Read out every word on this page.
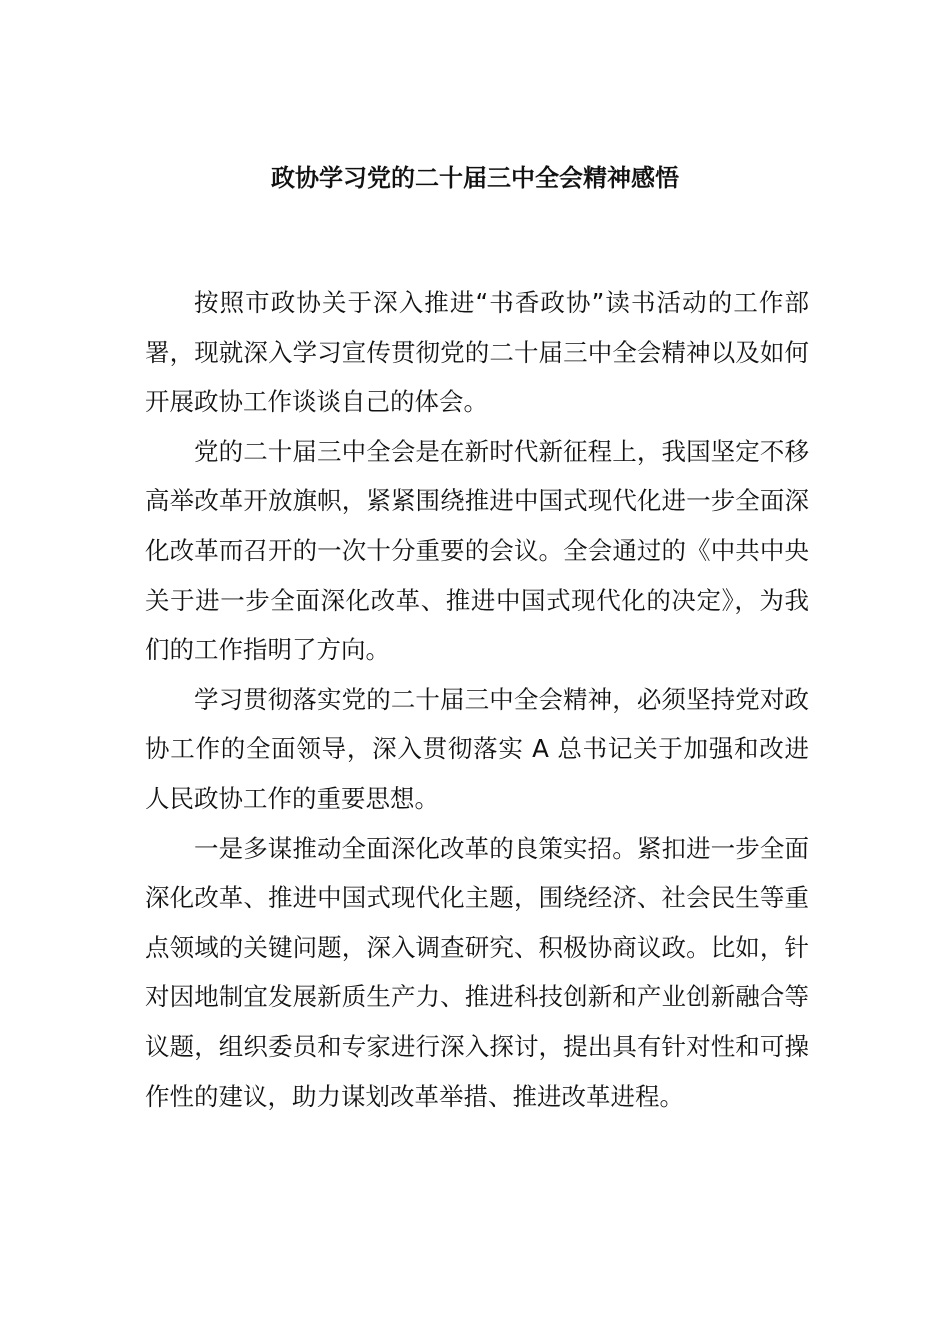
政协学习党的二十届三中全会精神感悟

按照市政协关于深入推进“书香政协”读书活动的工作部署，现就深入学习宣传贯彻党的二十届三中全会精神以及如何开展政协工作谈谈自己的体会。

党的二十届三中全会是在新时代新征程上，我国坚定不移高举改革开放旗帜，紧紧围绕推进中国式现代化进一步全面深化改革而召开的一次十分重要的会议。全会通过的《中共中央关于进一步全面深化改革、推进中国式现代化的决定》，为我们的工作指明了方向。

学习贯彻落实党的二十届三中全会精神，必须坚持党对政协工作的全面领导，深入贯彻落实 A 总书记关于加强和改进人民政协工作的重要思想。

一是多谋推动全面深化改革的良策实招。紧扣进一步全面深化改革、推进中国式现代化主题，围绕经济、社会民生等重点领域的关键问题，深入调查研究、积极协商议政。比如，针对因地制宜发展新质生产力、推进科技创新和产业创新融合等议题，组织委员和专家进行深入探讨，提出具有针对性和可操作性的建议，助力谋划改革举措、推进改革进程。
